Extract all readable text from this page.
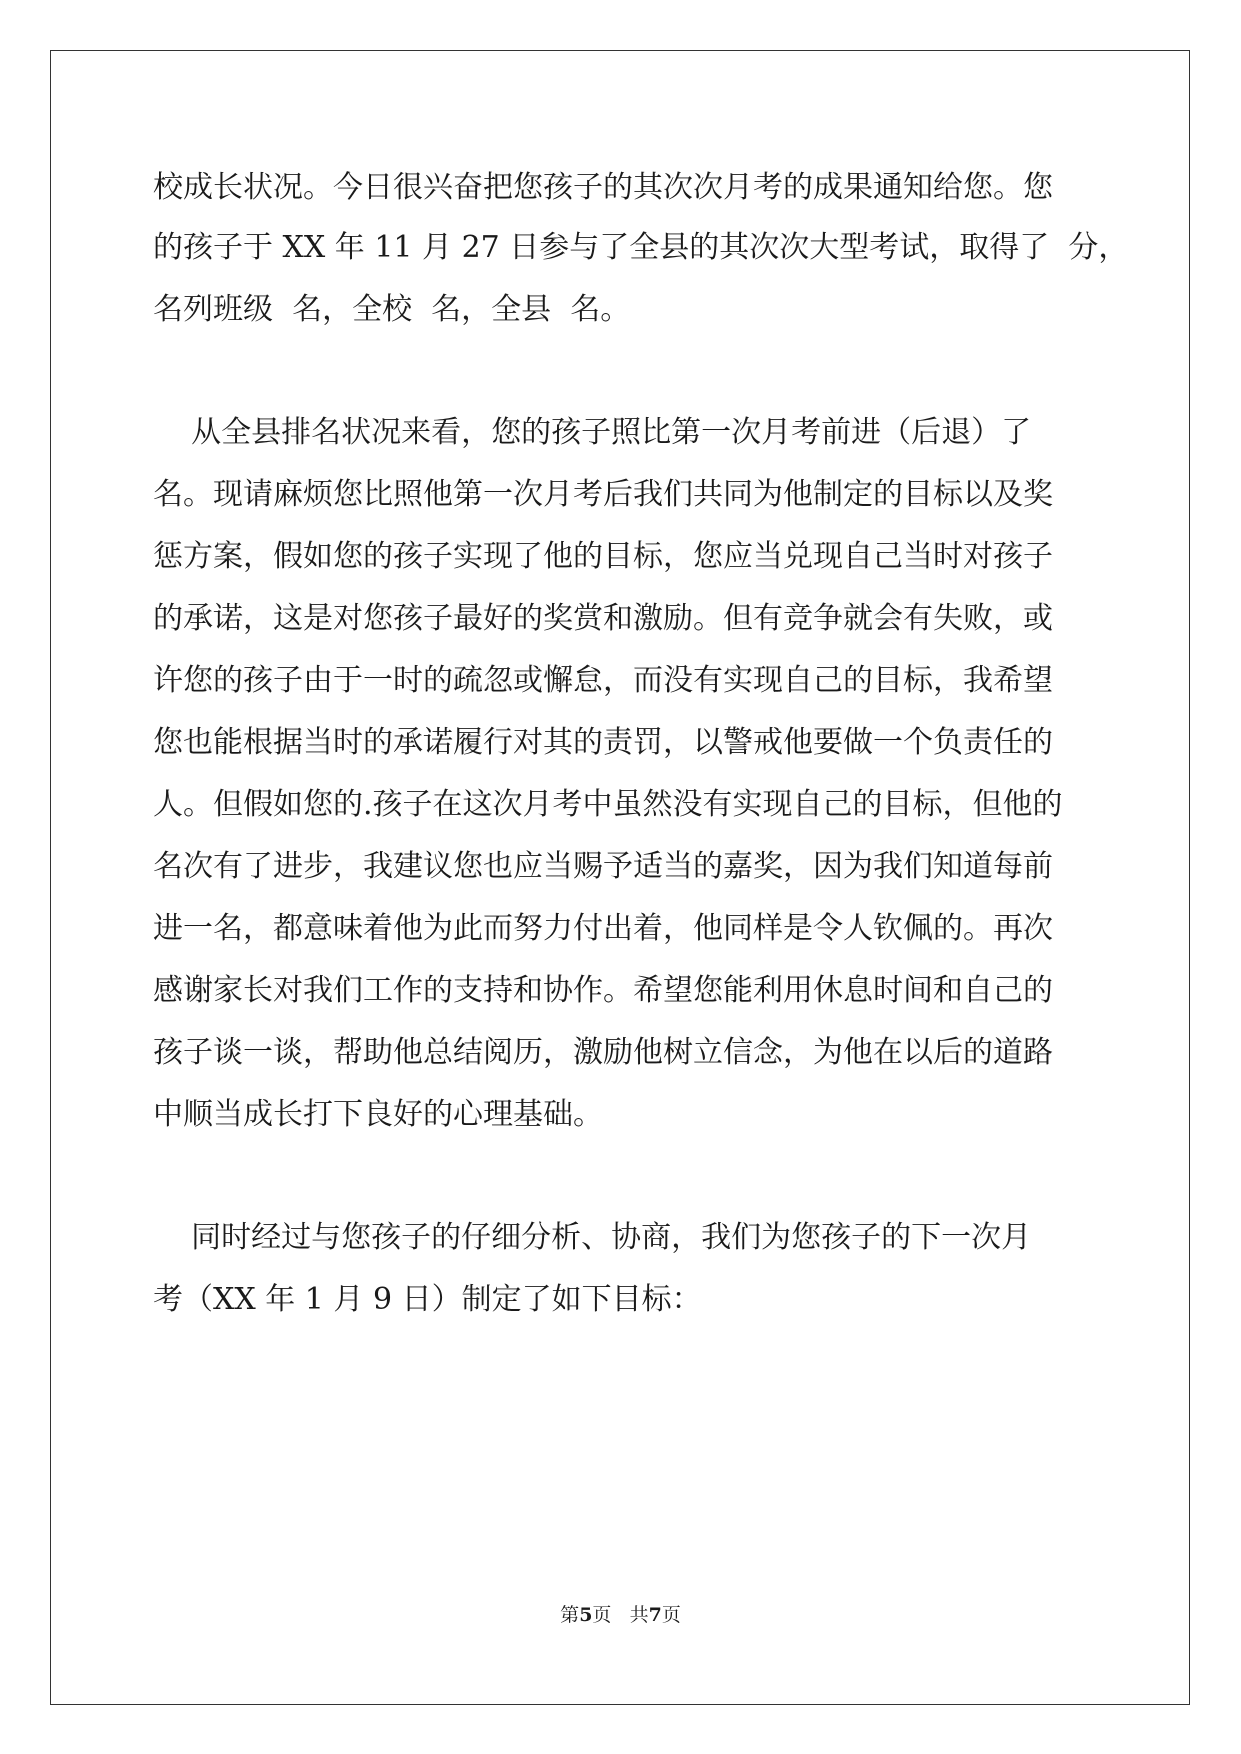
校成长状况。今日很兴奋把您孩子的其次次月考的成果通知给您。您
的孩子于 XX 年 11 月 27 日参与了全县的其次次大型考试，取得了  分，
名列班级  名，全校  名，全县  名。
从全县排名状况来看，您的孩子照比第一次月考前进（后退）了
名。现请麻烦您比照他第一次月考后我们共同为他制定的目标以及奖
惩方案，假如您的孩子实现了他的目标，您应当兑现自己当时对孩子
的承诺，这是对您孩子最好的奖赏和激励。但有竞争就会有失败，或
许您的孩子由于一时的疏忽或懈怠，而没有实现自己的目标，我希望
您也能根据当时的承诺履行对其的责罚，以警戒他要做一个负责任的
人。但假如您的.孩子在这次月考中虽然没有实现自己的目标，但他的
名次有了进步，我建议您也应当赐予适当的嘉奖，因为我们知道每前
进一名，都意味着他为此而努力付出着，他同样是令人钦佩的。再次
感谢家长对我们工作的支持和协作。希望您能利用休息时间和自己的
孩子谈一谈，帮助他总结阅历，激励他树立信念，为他在以后的道路
中顺当成长打下良好的心理基础。
同时经过与您孩子的仔细分析、协商，我们为您孩子的下一次月
考（XX 年 1 月 9 日）制定了如下目标：
第5页 共7页
